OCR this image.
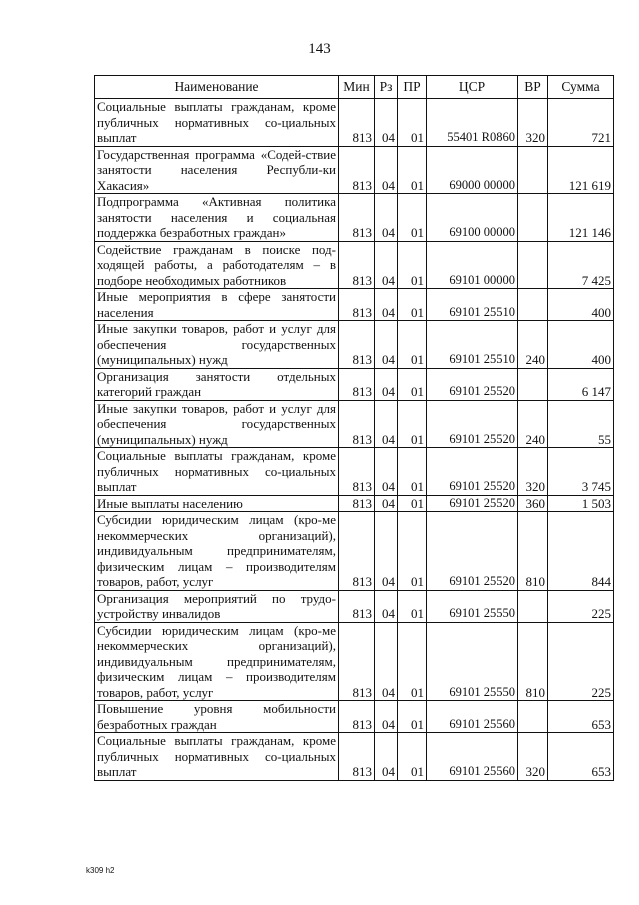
143
Наименование	Мин	Рз	ПР	ЦСР	ВР	Сумма
Социальные выплаты гражданам, кроме публичных нормативных со-циальных выплат	813	04	01	55401 R0860	320	721
Государственная программа «Содей-ствие занятости населения Республи-ки Хакасия»	813	04	01	69000 00000		121 619
Подпрограмма «Активная политика занятости населения и социальная поддержка безработных граждан»	813	04	01	69100 00000		121 146
Содействие гражданам в поиске под-ходящей работы, а работодателям – в подборе необходимых работников	813	04	01	69101 00000		7 425
Иные мероприятия в сфере занятости населения	813	04	01	69101 25510		400
Иные закупки товаров, работ и услуг для обеспечения государственных (муниципальных) нужд	813	04	01	69101 25510	240	400
Организация занятости отдельных категорий граждан	813	04	01	69101 25520		6 147
Иные закупки товаров, работ и услуг для обеспечения государственных (муниципальных) нужд	813	04	01	69101 25520	240	55
Социальные выплаты гражданам, кроме публичных нормативных со-циальных выплат	813	04	01	69101 25520	320	3 745
Иные выплаты населению	813	04	01	69101 25520	360	1 503
Субсидии юридическим лицам (кро-ме некоммерческих организаций), индивидуальным предпринимателям, физическим лицам – производителям товаров, работ, услуг	813	04	01	69101 25520	810	844
Организация мероприятий по трудо-устройству инвалидов	813	04	01	69101 25550		225
Субсидии юридическим лицам (кро-ме некоммерческих организаций), индивидуальным предпринимателям, физическим лицам – производителям товаров, работ, услуг	813	04	01	69101 25550	810	225
Повышение уровня мобильности безработных граждан	813	04	01	69101 25560		653
Социальные выплаты гражданам, кроме публичных нормативных со-циальных выплат	813	04	01	69101 25560	320	653
k309 h2
